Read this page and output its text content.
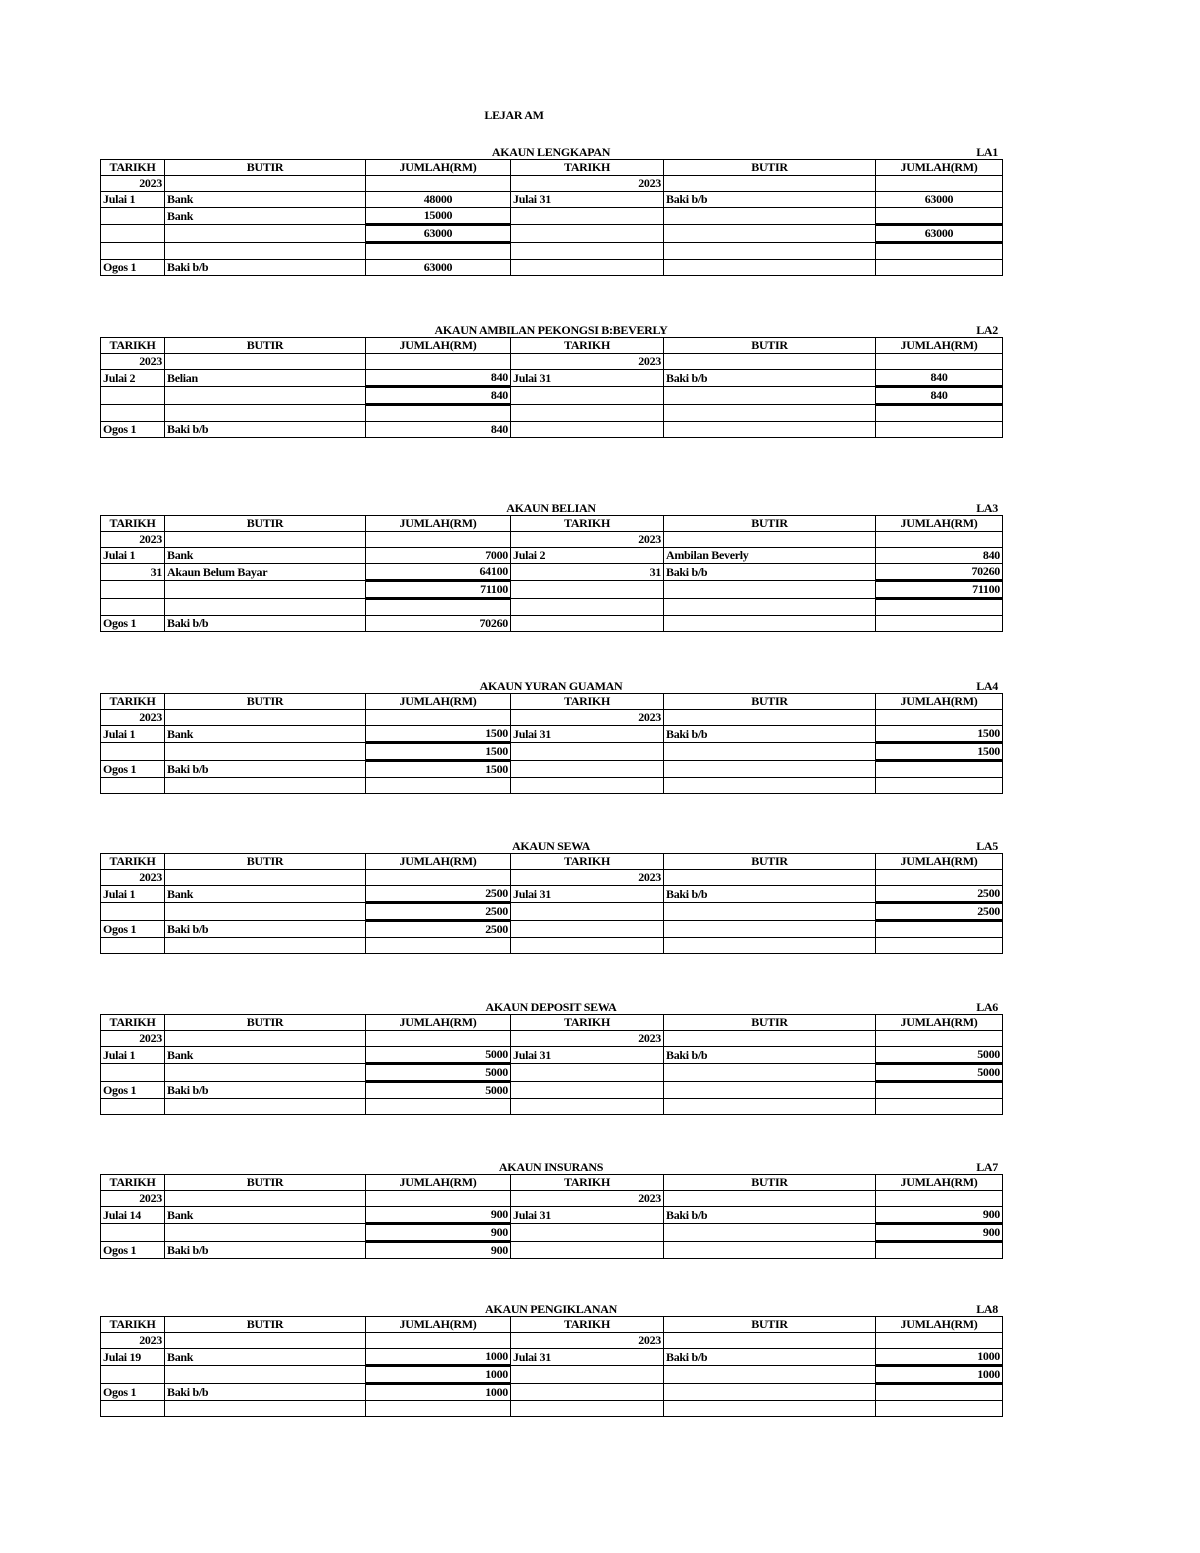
LEJAR AM
AKAUN LENGKAPAN	LA1
TARIKH	BUTIR	JUMLAH(RM)	TARIKH	BUTIR	JUMLAH(RM)
2023			2023		
Julai 1	Bank	48000	Julai 31	Baki b/b	63000
	Bank	15000			
		63000			63000

Ogos 1	Baki b/b	63000			
AKAUN AMBILAN PEKONGSI B:BEVERLY	LA2
TARIKH	BUTIR	JUMLAH(RM)	TARIKH	BUTIR	JUMLAH(RM)
2023			2023		
Julai 2	Belian	840	Julai 31	Baki b/b	840
		840			840

Ogos 1	Baki b/b	840			
AKAUN BELIAN	LA3
TARIKH	BUTIR	JUMLAH(RM)	TARIKH	BUTIR	JUMLAH(RM)
2023			2023		
Julai 1	Bank	7000	Julai 2	Ambilan Beverly	840
31	Akaun Belum Bayar	64100	31	Baki b/b	70260
		71100			71100

Ogos 1	Baki b/b	70260			
AKAUN YURAN GUAMAN	LA4
TARIKH	BUTIR	JUMLAH(RM)	TARIKH	BUTIR	JUMLAH(RM)
2023			2023		
Julai 1	Bank	1500	Julai 31	Baki b/b	1500
		1500			1500
Ogos 1	Baki b/b	1500			

AKAUN SEWA	LA5
TARIKH	BUTIR	JUMLAH(RM)	TARIKH	BUTIR	JUMLAH(RM)
2023			2023		
Julai 1	Bank	2500	Julai 31	Baki b/b	2500
		2500			2500
Ogos 1	Baki b/b	2500			

AKAUN DEPOSIT SEWA	LA6
TARIKH	BUTIR	JUMLAH(RM)	TARIKH	BUTIR	JUMLAH(RM)
2023			2023		
Julai 1	Bank	5000	Julai 31	Baki b/b	5000
		5000			5000
Ogos 1	Baki b/b	5000			

AKAUN INSURANS	LA7
TARIKH	BUTIR	JUMLAH(RM)	TARIKH	BUTIR	JUMLAH(RM)
2023			2023		
Julai 14	Bank	900	Julai 31	Baki b/b	900
		900			900
Ogos 1	Baki b/b	900			
AKAUN PENGIKLANAN	LA8
TARIKH	BUTIR	JUMLAH(RM)	TARIKH	BUTIR	JUMLAH(RM)
2023			2023		
Julai 19	Bank	1000	Julai 31	Baki b/b	1000
		1000			1000
Ogos 1	Baki b/b	1000			
